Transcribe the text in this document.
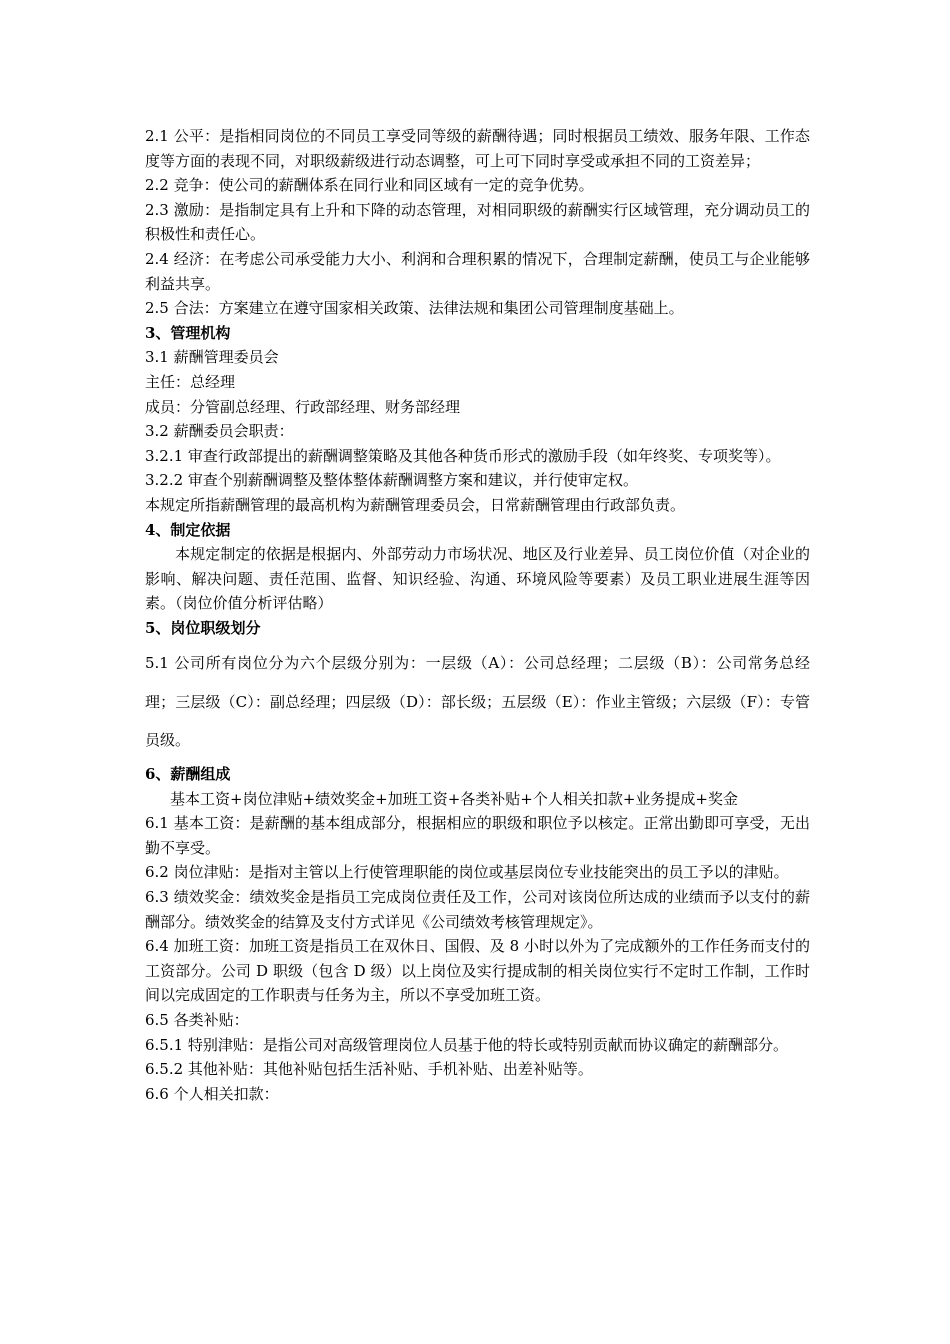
2.1 公平：是指相同岗位的不同员工享受同等级的薪酬待遇；同时根据员工绩效、服务年限、工作态度等方面的表现不同，对职级薪级进行动态调整，可上可下同时享受或承担不同的工资差异；

2.2 竞争：使公司的薪酬体系在同行业和同区域有一定的竞争优势。

2.3 激励：是指制定具有上升和下降的动态管理，对相同职级的薪酬实行区域管理，充分调动员工的积极性和责任心。

2.4 经济：在考虑公司承受能力大小、利润和合理积累的情况下，合理制定薪酬，使员工与企业能够利益共享。

2.5 合法：方案建立在遵守国家相关政策、法律法规和集团公司管理制度基础上。

3、管理机构

3.1 薪酬管理委员会

主任：总经理

成员：分管副总经理、行政部经理、财务部经理

3.2 薪酬委员会职责：

3.2.1 审查行政部提出的薪酬调整策略及其他各种货币形式的激励手段（如年终奖、专项奖等）。

3.2.2 审查个别薪酬调整及整体整体薪酬调整方案和建议，并行使审定权。

本规定所指薪酬管理的最高机构为薪酬管理委员会，日常薪酬管理由行政部负责。

4、制定依据

本规定制定的依据是根据内、外部劳动力市场状况、地区及行业差异、员工岗位价值（对企业的影响、解决问题、责任范围、监督、知识经验、沟通、环境风险等要素）及员工职业进展生涯等因素。（岗位价值分析评估略）

5、岗位职级划分

5.1 公司所有岗位分为六个层级分别为：一层级（A）：公司总经理；二层级（B）：公司常务总经理；三层级（C）：副总经理；四层级（D）：部长级；五层级（E）：作业主管级；六层级（F）：专管员级。

6、薪酬组成

基本工资+岗位津贴+绩效奖金+加班工资+各类补贴+个人相关扣款+业务提成+奖金

6.1 基本工资：是薪酬的基本组成部分，根据相应的职级和职位予以核定。正常出勤即可享受，无出勤不享受。

6.2 岗位津贴：是指对主管以上行使管理职能的岗位或基层岗位专业技能突出的员工予以的津贴。

6.3 绩效奖金：绩效奖金是指员工完成岗位责任及工作，公司对该岗位所达成的业绩而予以支付的薪酬部分。绩效奖金的结算及支付方式详见《公司绩效考核管理规定》。

6.4 加班工资：加班工资是指员工在双休日、国假、及 8 小时以外为了完成额外的工作任务而支付的工资部分。公司 D 职级（包含 D 级）以上岗位及实行提成制的相关岗位实行不定时工作制，工作时间以完成固定的工作职责与任务为主，所以不享受加班工资。

6.5 各类补贴：

6.5.1 特别津贴：是指公司对高级管理岗位人员基于他的特长或特别贡献而协议确定的薪酬部分。

6.5.2 其他补贴：其他补贴包括生活补贴、手机补贴、出差补贴等。

6.6 个人相关扣款：
